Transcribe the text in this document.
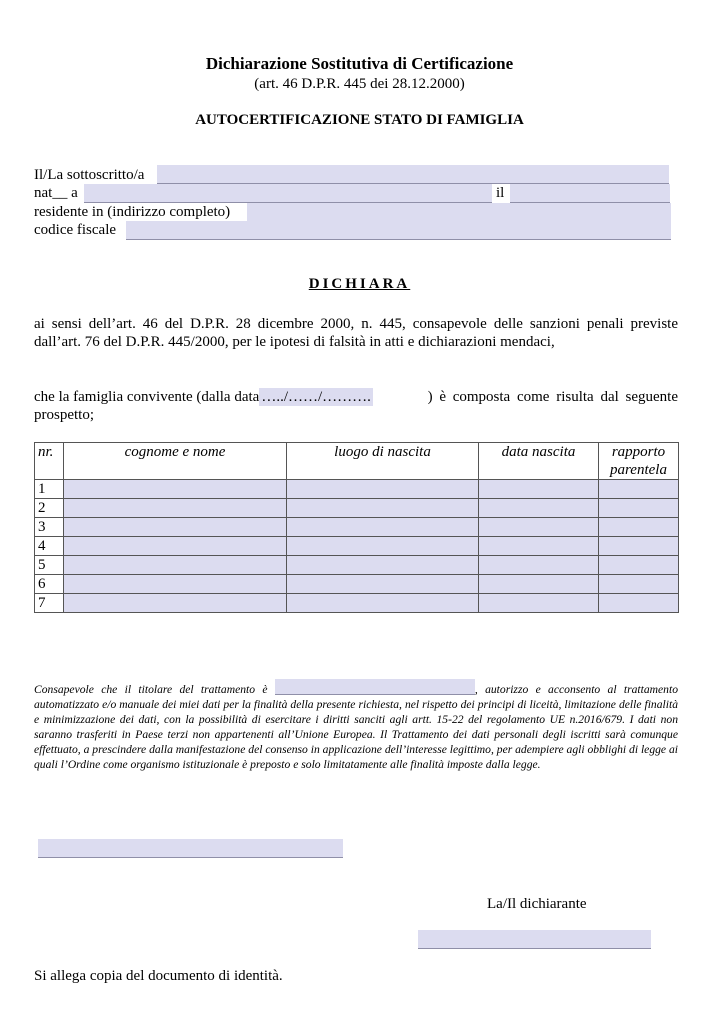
Dichiarazione Sostitutiva di Certificazione
(art. 46 D.P.R. 445 dei 28.12.2000)
AUTOCERTIFICAZIONE STATO DI FAMIGLIA
Il/La sottoscritto/a
nat__ a	il
residente in (indirizzo completo)
codice fiscale
DICHIARA
ai sensi dell’art. 46 del D.P.R. 28 dicembre 2000, n. 445, consapevole delle sanzioni penali previste
dall’art. 76 del D.P.R. 445/2000, per le ipotesi di falsità in atti e dichiarazioni mendaci,
che la famiglia convivente (dalla data …../……/……….	) è composta come risulta dal seguente
prospetto;
nr.	cognome e nome	luogo di nascita	data nascita	rapporto parentela
1				
2				
3				
4				
5				
6				
7				
Consapevole che il titolare del trattamento è	, autorizzo e acconsento al trattamento automatizzato e/o manuale dei miei dati per la finalità della presente richiesta, nel rispetto dei principi di liceità, limitazione delle finalità e minimizzazione dei dati, con la possibilità di esercitare i diritti sanciti agli artt. 15-22 del regolamento UE n.2016/679. I dati non saranno trasferiti in Paese terzi non appartenenti all’Unione Europea. Il Trattamento dei dati personali degli iscritti sarà comunque effettuato, a prescindere dalla manifestazione del consenso in applicazione dell’interesse legittimo, per adempiere agli obblighi di legge ai quali l’Ordine come organismo istituzionale è preposto e solo limitatamente alle finalità imposte dalla legge.
La/Il dichiarante
Si allega copia del documento di identità.
